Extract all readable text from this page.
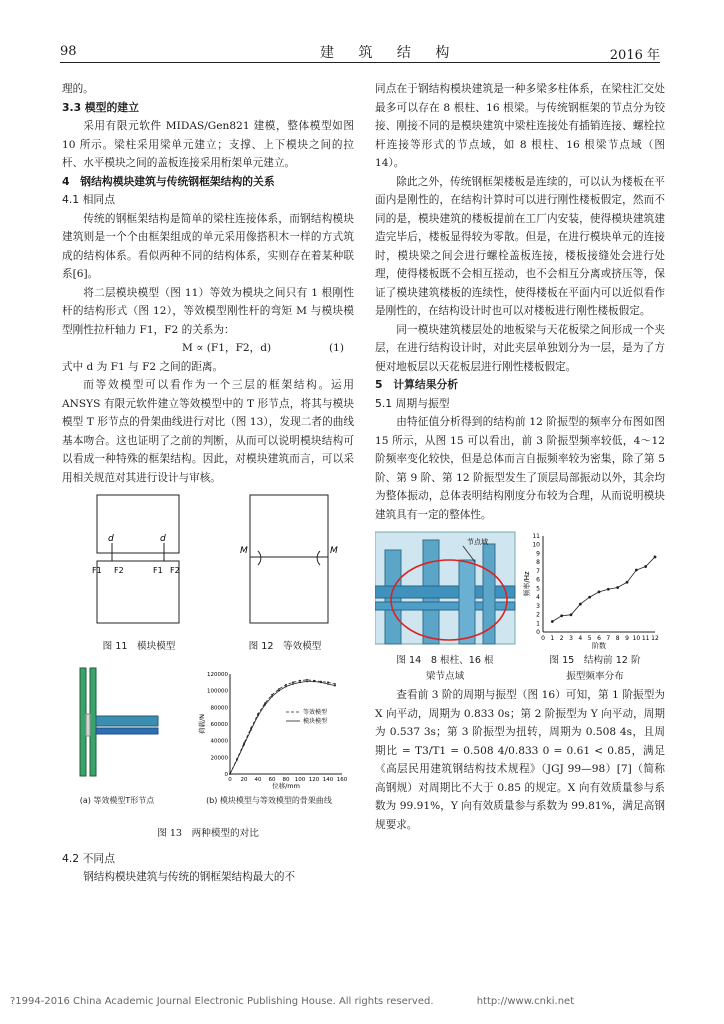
98	建 筑 结 构	2016 年

理的。

3.3 模型的建立

采用有限元软件 MIDAS/Gen821 建模，整体模型如图 10 所示。梁柱采用梁单元建立；支撑、上下模块之间的拉杆、水平模块之间的盖板连接采用桁架单元建立。

4　钢结构模块建筑与传统钢框架结构的关系
4.1 相同点

传统的钢框架结构是简单的梁柱连接体系，而钢结构模块建筑则是一个个由框架组成的单元采用像搭积木一样的方式筑成的结构体系。看似两种不同的结构体系，实则存在着某种联系[6]。

将二层模块模型（图 11）等效为模块之间只有 1 根刚性杆的结构形式（图 12），等效模型刚性杆的弯矩 M 与模块模型刚性拉杆轴力 F1，F2 的关系为：

M ∝ (F1，F2，d)	(1)

式中 d 为 F1 与 F2 之间的距离。

而等效模型可以看作为一个三层的框架结构。运用 ANSYS 有限元软件建立等效模型中的 T 形节点，将其与模块模型 T 形节点的骨架曲线进行对比（图 13），发现二者的曲线基本吻合。这也证明了之前的判断，从而可以说明模块结构可以看成一种特殊的框架结构。因此，对模块建筑而言，可以采用相关规范对其进行设计与审核。

d	d
F1 F2	F1 F2
M	M
图 11　模块模型	图 12　等效模型
0 20 40 60 80 100 120 140 160
0
20000
40000
60000
80000
100000
120000
位移/mm
荷载/N
等效模型
模块模型
(a) 等效模型T形节点	(b) 模块模型与等效模型的骨架曲线

图 13　两种模型的对比

4.2 不同点

钢结构模块建筑与传统的钢框架结构最大的不

同点在于钢结构模块建筑是一种多梁多柱体系，在梁柱汇交处最多可以存在 8 根柱、16 根梁。与传统钢框架的节点分为铰接、刚接不同的是模块建筑中梁柱连接处有插销连接、螺栓拉杆连接等形式的节点域，如 8 根柱、16 根梁节点域（图 14）。

除此之外，传统钢框架楼板是连续的，可以认为楼板在平面内是刚性的，在结构计算时可以进行刚性楼板假定，然而不同的是，模块建筑的楼板提前在工厂内安装，使得模块建筑建造完毕后，楼板显得较为零散。但是，在进行模块单元的连接时，模块梁之间会进行螺栓盖板连接，楼板接缝处会进行处理，使得楼板既不会相互搓动，也不会相互分离或挤压等，保证了模块建筑楼板的连续性，使得楼板在平面内可以近似看作是刚性的，在结构设计时也可以对楼板进行刚性楼板假定。

同一模块建筑楼层处的地板梁与天花板梁之间形成一个夹层，在进行结构设计时，对此夹层单独划分为一层，是为了方便对地板层以天花板层进行刚性楼板假定。

5　计算结果分析
5.1 周期与振型

由特征值分析得到的结构前 12 阶振型的频率分布图如图 15 所示，从图 15 可以看出，前 3 阶振型频率较低，4～12 阶频率变化较快，但是总体而言自振频率较为密集，除了第 5 阶、第 9 阶、第 12 阶振型发生了顶层局部振动以外，其余均为整体振动，总体表明结构刚度分布较为合理，从而说明模块建筑具有一定的整体性。

节点域
0 1 2 3 4 5 6 7 8 9 10 11 12
0
1
2
3
4
5
6
7
8
9
10
11
阶数
频率/Hz
图 14　8 根柱、16 根
梁节点域
图 15　结构前 12 阶
振型频率分布

查看前 3 阶的周期与振型（图 16）可知，第 1 阶振型为 X 向平动，周期为 0.833 0s；第 2 阶振型为 Y 向平动，周期为 0.537 3s；第 3 阶振型为扭转，周期为 0.508 4s，且周期比 = T3/T1 = 0.508 4/0.833 0 = 0.61 < 0.85，满足《高层民用建筑钢结构技术规程》（JGJ 99—98）[7]（简称高钢规）对周期比不大于 0.85 的规定。X 向有效质量参与系数为 99.91%，Y 向有效质量参与系数为 99.81%，满足高钢规要求。

?1994-2016 China Academic Journal Electronic Publishing House. All rights reserved.	http://www.cnki.net
